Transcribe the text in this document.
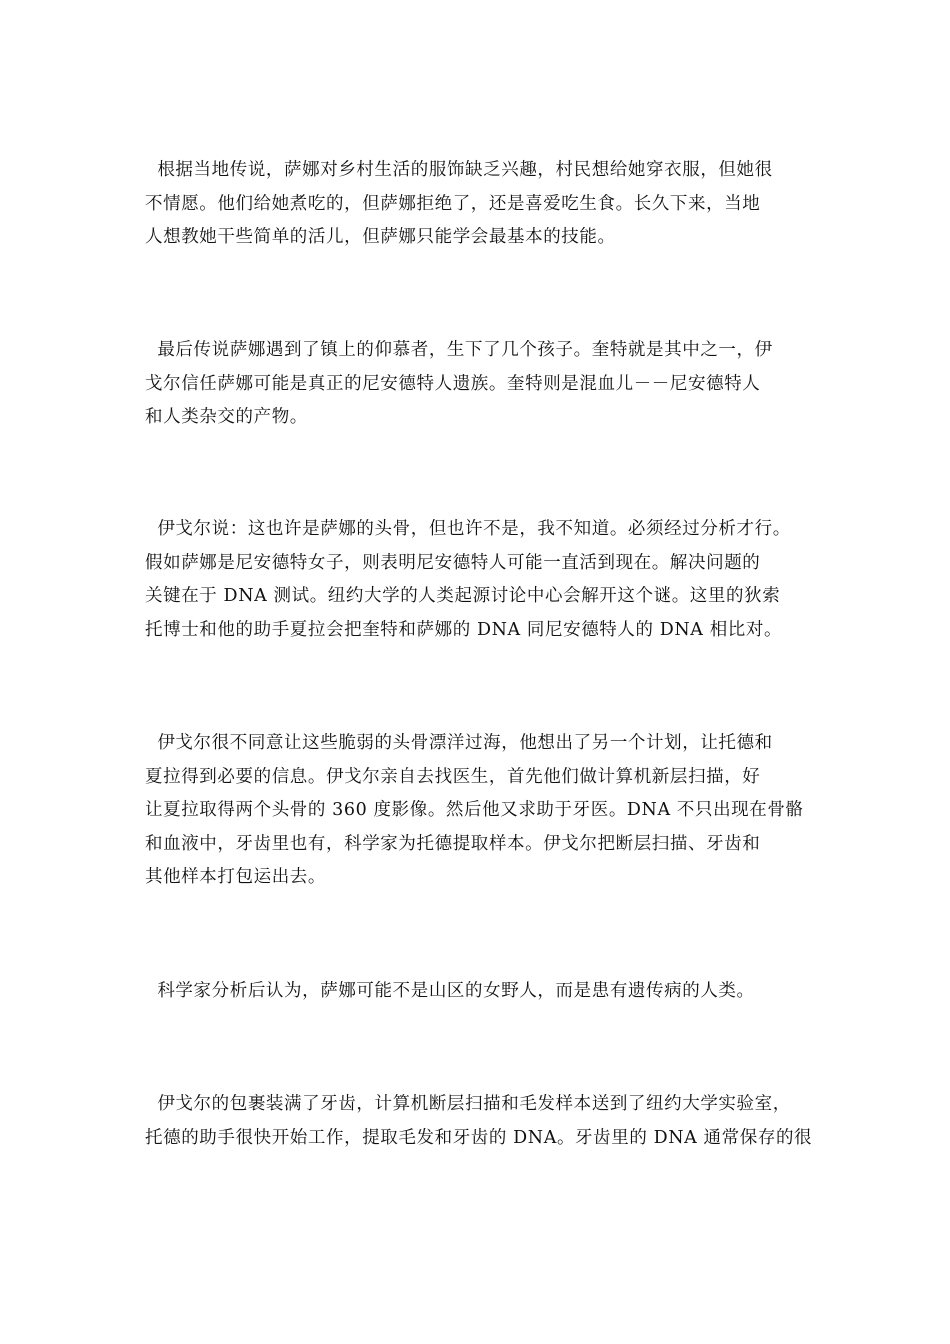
根据当地传说，萨娜对乡村生活的服饰缺乏兴趣，村民想给她穿衣服，但她很
不情愿。他们给她煮吃的，但萨娜拒绝了，还是喜爱吃生食。长久下来，当地
人想教她干些简单的活儿，但萨娜只能学会最基本的技能。
最后传说萨娜遇到了镇上的仰慕者，生下了几个孩子。奎特就是其中之一，伊
戈尔信任萨娜可能是真正的尼安德特人遗族。奎特则是混血儿－－尼安德特人
和人类杂交的产物。
伊戈尔说：这也许是萨娜的头骨，但也许不是，我不知道。必须经过分析才行。
假如萨娜是尼安德特女子，则表明尼安德特人可能一直活到现在。解决问题的
关键在于 DNA 测试。纽约大学的人类起源讨论中心会解开这个谜。这里的狄索
托博士和他的助手夏拉会把奎特和萨娜的 DNA 同尼安德特人的 DNA 相比对。
伊戈尔很不同意让这些脆弱的头骨漂洋过海，他想出了另一个计划，让托德和
夏拉得到必要的信息。伊戈尔亲自去找医生，首先他们做计算机新层扫描，好
让夏拉取得两个头骨的 360 度影像。然后他又求助于牙医。DNA 不只出现在骨骼
和血液中，牙齿里也有，科学家为托德提取样本。伊戈尔把断层扫描、牙齿和
其他样本打包运出去。
科学家分析后认为，萨娜可能不是山区的女野人，而是患有遗传病的人类。
伊戈尔的包裹装满了牙齿，计算机断层扫描和毛发样本送到了纽约大学实验室，
托德的助手很快开始工作，提取毛发和牙齿的 DNA。牙齿里的 DNA 通常保存的很
